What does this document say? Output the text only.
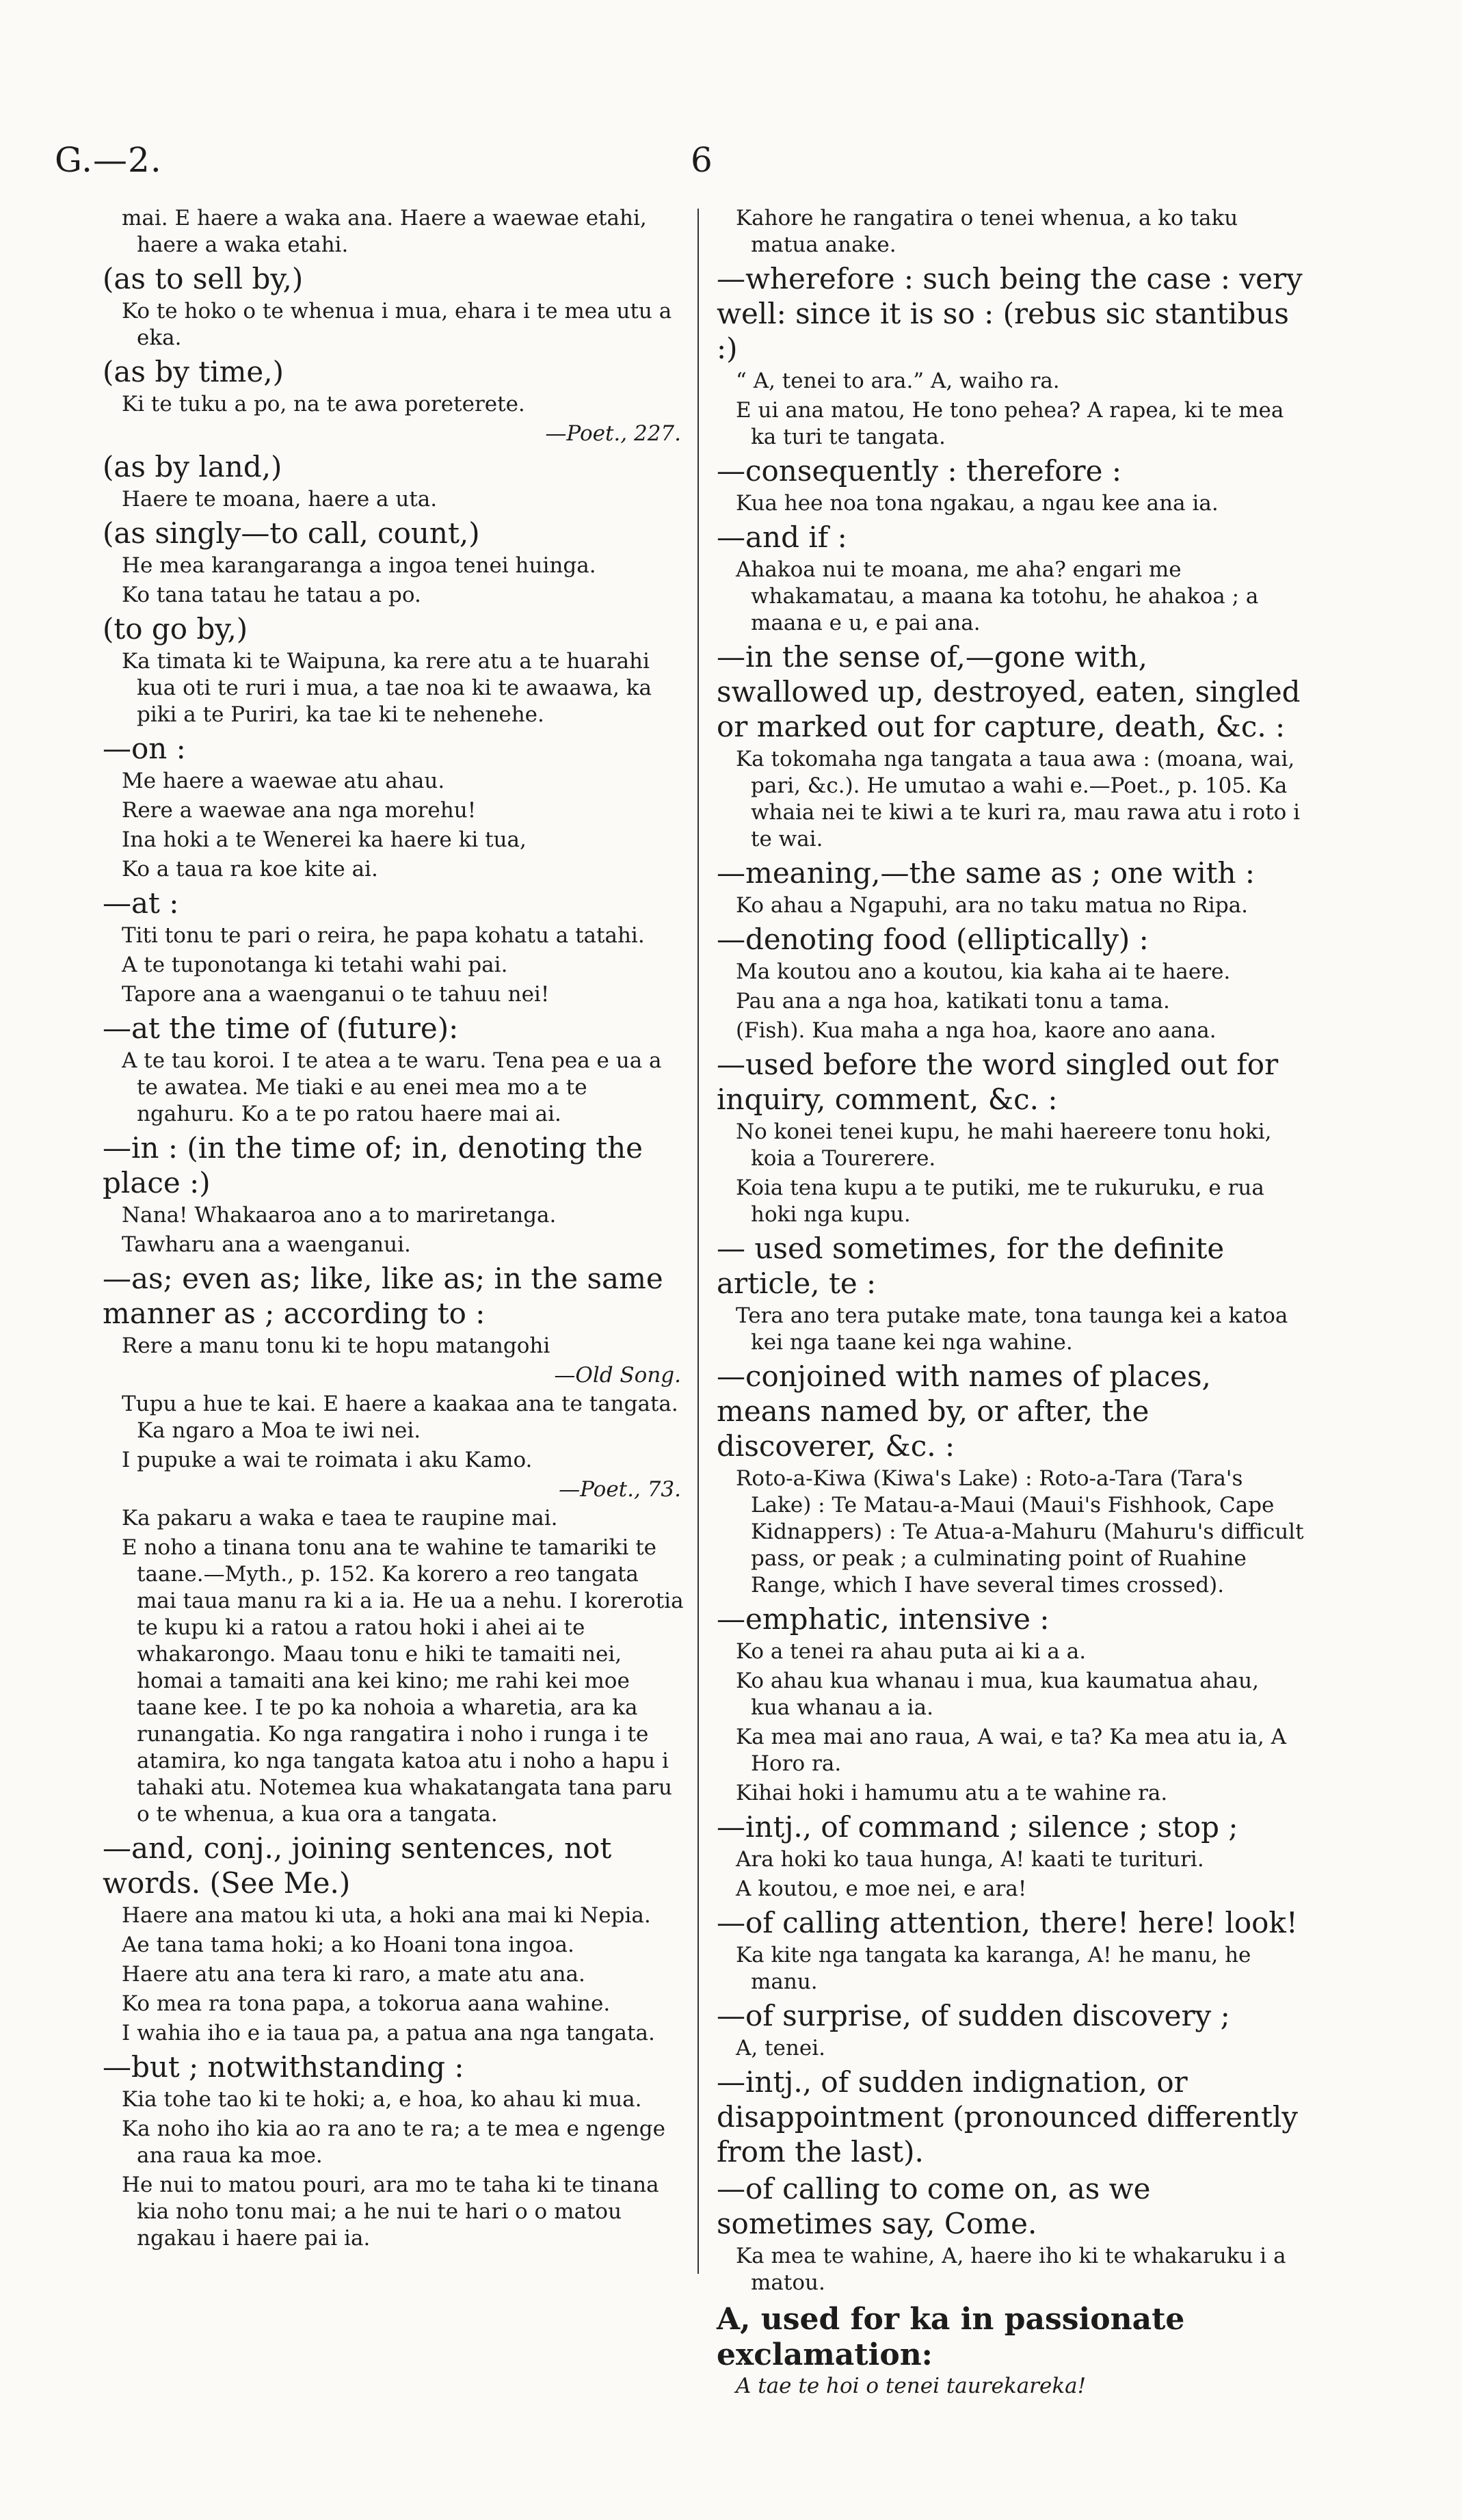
G.—2.	6
mai. E haere a waka ana. Haere a waewae etahi, haere a waka etahi.
(as to sell by,)
Ko te hoko o te whenua i mua, ehara i te mea utu a eka.
(as by time,)
Ki te tuku a po, na te awa poreterete.
—Poet., 227.
(as by land,)
Haere te moana, haere a uta.
(as singly—to call, count,)
He mea karangaranga a ingoa tenei huinga.
Ko tana tatau he tatau a po.
(to go by,)
Ka timata ki te Waipuna, ka rere atu a te huarahi kua oti te ruri i mua, a tae noa ki te awaawa, ka piki a te Puriri, ka tae ki te nehenehe.
—on :
Me haere a waewae atu ahau.
Rere a waewae ana nga morehu!
Ina hoki a te Wenerei ka haere ki tua,
Ko a taua ra koe kite ai.
—at :
Titi tonu te pari o reira, he papa kohatu a tatahi.
A te tuponotanga ki tetahi wahi pai.
Tapore ana a waenganui o te tahuu nei!
—at the time of (future):
A te tau koroi. I te atea a te waru. Tena pea e ua a te awatea. Me tiaki e au enei mea mo a te ngahuru. Ko a te po ratou haere mai ai.
—in : (in the time of; in, denoting the place :)
Nana! Whakaaroa ano a to mariretanga.
Tawharu ana a waenganui.
—as; even as; like, like as; in the same manner as ; according to :
Rere a manu tonu ki te hopu matangohi
—Old Song.
Tupu a hue te kai. E haere a kaakaa ana te tangata. Ka ngaro a Moa te iwi nei.
I pupuke a wai te roimata i aku Kamo.
—Poet., 73.
Ka pakaru a waka e taea te raupine mai.
E noho a tinana tonu ana te wahine te tamariki te taane.—Myth., p. 152. Ka korero a reo tangata mai taua manu ra ki a ia. He ua a nehu. I korerotia te kupu ki a ratou a ratou hoki i ahei ai te whakarongo. Maau tonu e hiki te tamaiti nei, homai a tamaiti ana kei kino; me rahi kei moe taane kee. I te po ka nohoia a wharetia, ara ka runangatia. Ko nga rangatira i noho i runga i te atamira, ko nga tangata katoa atu i noho a hapu i tahaki atu. Notemea kua whakatangata tana paru o te whenua, a kua ora a tangata.
—and, conj., joining sentences, not words. (See Me.)
Haere ana matou ki uta, a hoki ana mai ki Nepia.
Ae tana tama hoki; a ko Hoani tona ingoa.
Haere atu ana tera ki raro, a mate atu ana.
Ko mea ra tona papa, a tokorua aana wahine.
I wahia iho e ia taua pa, a patua ana nga tangata.
—but ; notwithstanding :
Kia tohe tao ki te hoki; a, e hoa, ko ahau ki mua.
Ka noho iho kia ao ra ano te ra; a te mea e ngenge ana raua ka moe.
He nui to matou pouri, ara mo te taha ki te tinana kia noho tonu mai; a he nui te hari o o matou ngakau i haere pai ia.
Kahore he rangatira o tenei whenua, a ko taku matua anake.
—wherefore : such being the case : very well: since it is so : (rebus sic stantibus :)
“ A, tenei to ara.” A, waiho ra.
E ui ana matou, He tono pehea? A rapea, ki te mea ka turi te tangata.
—consequently : therefore :
Kua hee noa tona ngakau, a ngau kee ana ia.
—and if :
Ahakoa nui te moana, me aha? engari me whakamatau, a maana ka totohu, he ahakoa ; a maana e u, e pai ana.
—in the sense of,—gone with, swallowed up, destroyed, eaten, singled or marked out for capture, death, &c. :
Ka tokomaha nga tangata a taua awa : (moana, wai, pari, &c.). He umutao a wahi e.—Poet., p. 105. Ka whaia nei te kiwi a te kuri ra, mau rawa atu i roto i te wai.
—meaning,—the same as ; one with :
Ko ahau a Ngapuhi, ara no taku matua no Ripa.
—denoting food (elliptically) :
Ma koutou ano a koutou, kia kaha ai te haere.
Pau ana a nga hoa, katikati tonu a tama.
(Fish). Kua maha a nga hoa, kaore ano aana.
—used before the word singled out for inquiry, comment, &c. :
No konei tenei kupu, he mahi haereere tonu hoki, koia a Tourerere.
Koia tena kupu a te putiki, me te rukuruku, e rua hoki nga kupu.
— used sometimes, for the definite article, te :
Tera ano tera putake mate, tona taunga kei a katoa kei nga taane kei nga wahine.
—conjoined with names of places, means named by, or after, the discoverer, &c. :
Roto-a-Kiwa (Kiwa's Lake) : Roto-a-Tara (Tara's Lake) : Te Matau-a-Maui (Maui's Fishhook, Cape Kidnappers) : Te Atua-a-Mahuru (Mahuru's difficult pass, or peak ; a culminating point of Ruahine Range, which I have several times crossed).
—emphatic, intensive :
Ko a tenei ra ahau puta ai ki a a.
Ko ahau kua whanau i mua, kua kaumatua ahau, kua whanau a ia.
Ka mea mai ano raua, A wai, e ta? Ka mea atu ia, A Horo ra.
Kihai hoki i hamumu atu a te wahine ra.
—intj., of command ; silence ; stop ;
Ara hoki ko taua hunga, A! kaati te turituri.
A koutou, e moe nei, e ara!
—of calling attention, there! here! look!
Ka kite nga tangata ka karanga, A! he manu, he manu.
—of surprise, of sudden discovery ;
A, tenei.
—intj., of sudden indignation, or disappointment (pronounced differently from the last).
—of calling to come on, as we sometimes say, Come.
Ka mea te wahine, A, haere iho ki te whakaruku i a matou.
A, used for ka in passionate exclamation:
A tae te hoi o tenei taurekareka!
